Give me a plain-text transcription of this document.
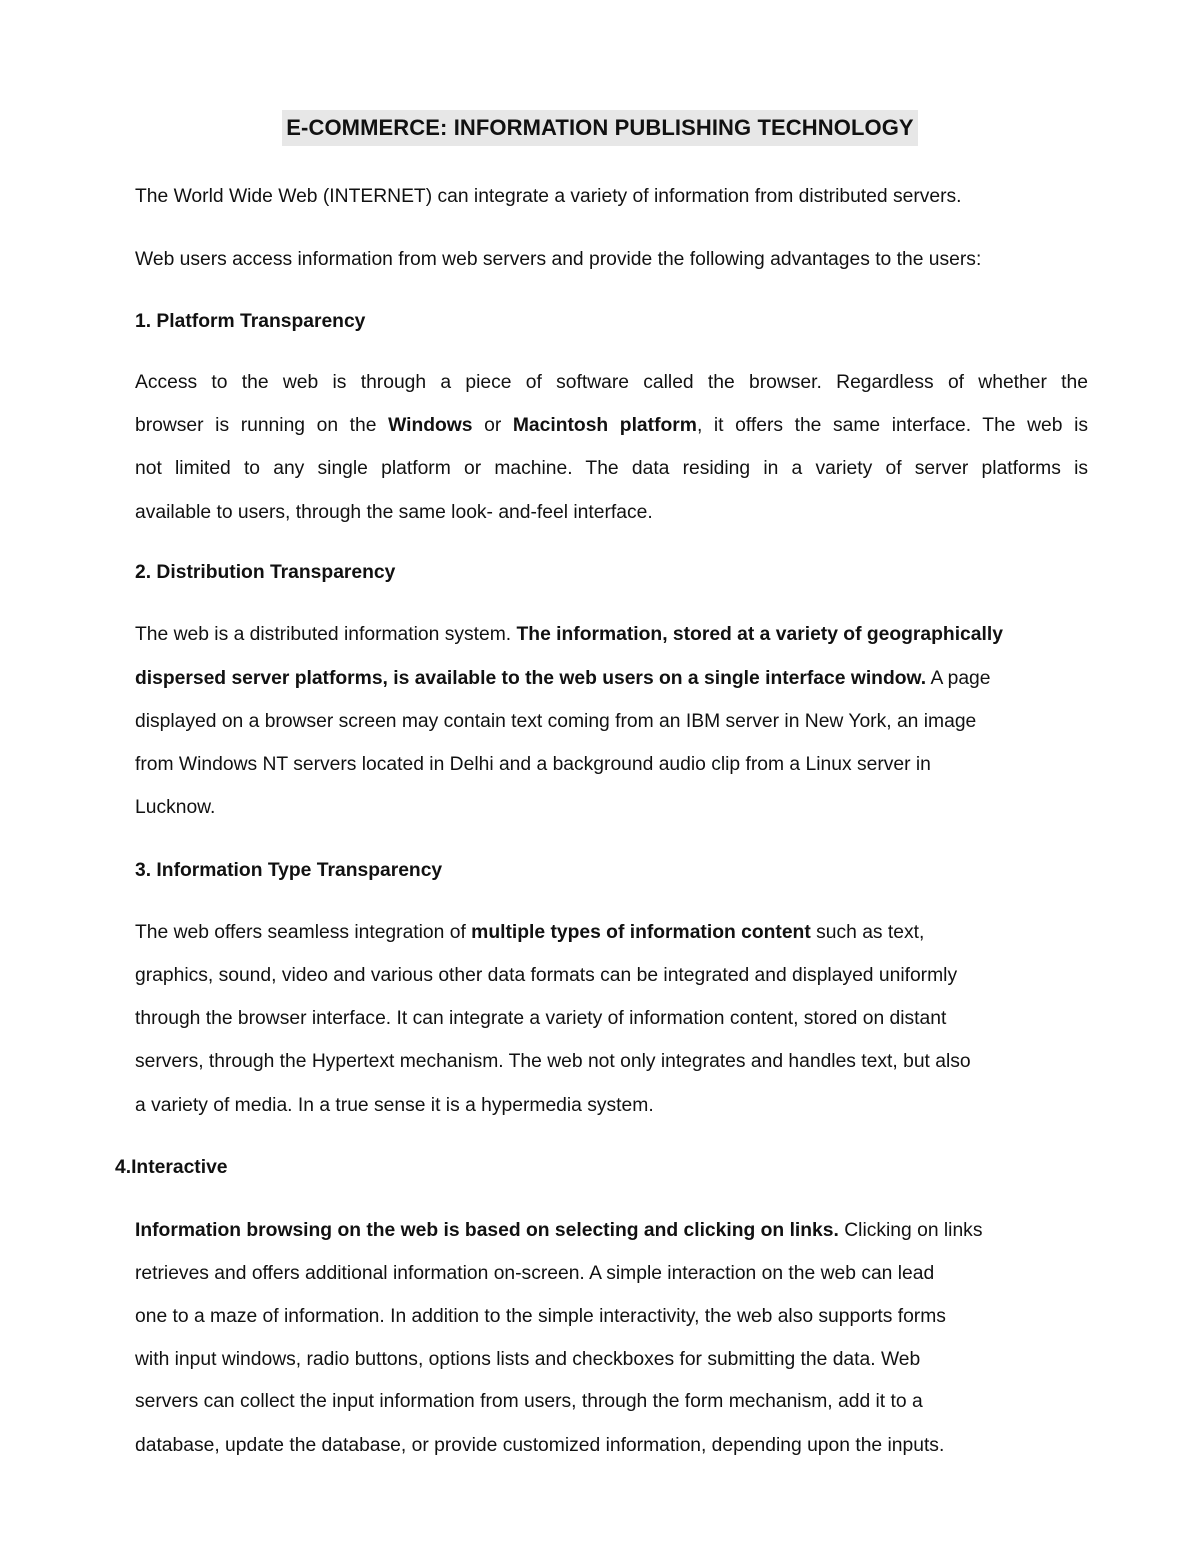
E-COMMERCE: INFORMATION PUBLISHING TECHNOLOGY
The World Wide Web (INTERNET) can integrate a variety of information from distributed servers.
Web users access information from web servers and provide the following advantages to the users:
1. Platform Transparency
Access to the web is through a piece of software called the browser. Regardless of whether the
browser is running on the Windows or Macintosh platform, it offers the same interface. The web is
not limited to any single platform or machine. The data residing in a variety of server platforms is
available to users, through the same look- and-feel interface.
2. Distribution Transparency
The web is a distributed information system. The information, stored at a variety of geographically
dispersed server platforms, is available to the web users on a single interface window. A page
displayed on a browser screen may contain text coming from an IBM server in New York, an image
from Windows NT servers located in Delhi and a background audio clip from a Linux server in
Lucknow.
3. Information Type Transparency
The web offers seamless integration of multiple types of information content such as text,
graphics, sound, video and various other data formats can be integrated and displayed uniformly
through the browser interface. It can integrate a variety of information content, stored on distant
servers, through the Hypertext mechanism. The web not only integrates and handles text, but also
a variety of media. In a true sense it is a hypermedia system.
4.Interactive
Information browsing on the web is based on selecting and clicking on links. Clicking on links
retrieves and offers additional information on-screen. A simple interaction on the web can lead
one to a maze of information. In addition to the simple interactivity, the web also supports forms
with input windows, radio buttons, options lists and checkboxes for submitting the data. Web
servers can collect the input information from users, through the form mechanism, add it to a
database, update the database, or provide customized information, depending upon the inputs.
